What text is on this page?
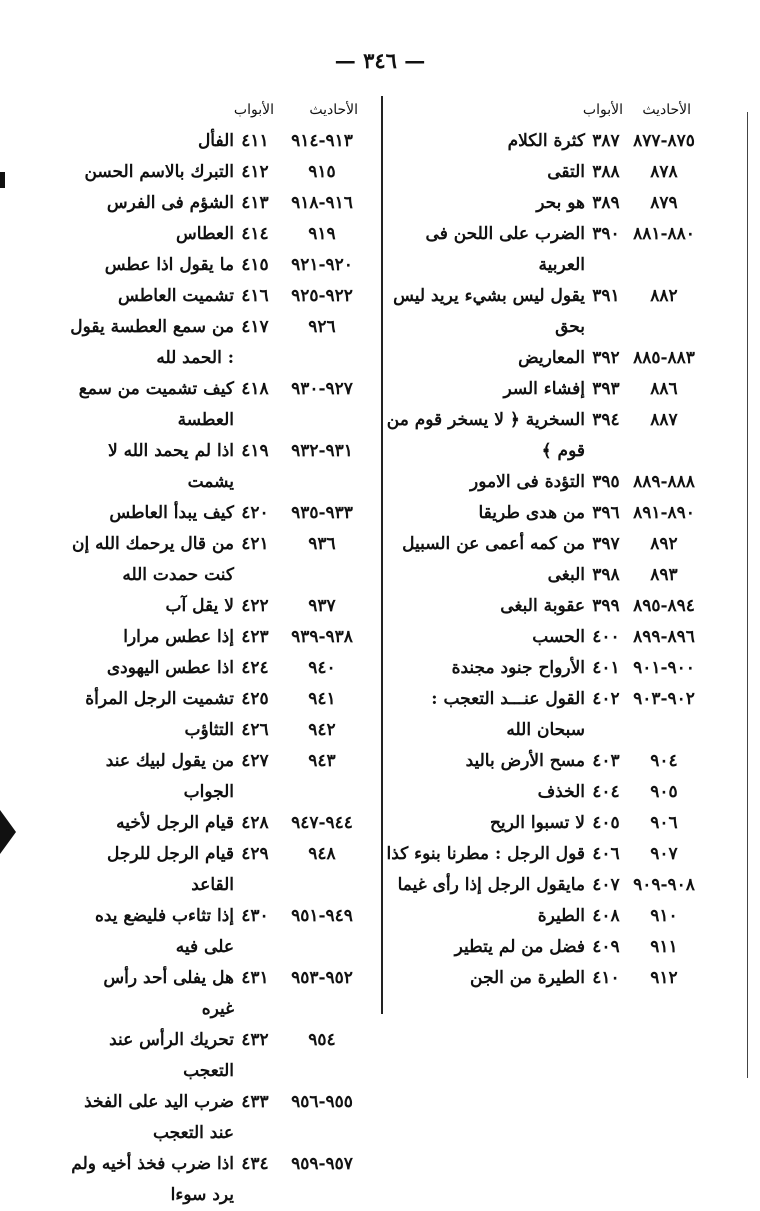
— ٣٤٦ —
الأحاديث
الأبواب
٨٧٥-٨٧٧
٣٨٧
كثرة الكلام
٨٧٨
٣٨٨
التقى
٨٧٩
٣٨٩
هو بحر
٨٨٠-٨٨١
٣٩٠
الضرب على اللحن فى العربية
٨٨٢
٣٩١
يقول ليس بشيء يريد ليس بحق
٨٨٣-٨٨٥
٣٩٢
المعاريض
٨٨٦
٣٩٣
إفشاء السر
٨٨٧
٣٩٤
السخرية ﴿ لا يسخر قوم من قوم ﴾
٨٨٨-٨٨٩
٣٩٥
التؤدة فى الامور
٨٩٠-٨٩١
٣٩٦
من هدى طريقا
٨٩٢
٣٩٧
من كمه أعمى عن السبيل
٨٩٣
٣٩٨
البغى
٨٩٤-٨٩٥
٣٩٩
عقوبة البغى
٨٩٦-٨٩٩
٤٠٠
الحسب
٩٠٠-٩٠١
٤٠١
الأرواح جنود مجندة
٩٠٢-٩٠٣
٤٠٢
القول عنـــد التعجب : سبحان الله
٩٠٤
٤٠٣
مسح الأرض باليد
٩٠٥
٤٠٤
الخذف
٩٠٦
٤٠٥
لا تسبوا الريح
٩٠٧
٤٠٦
قول الرجل : مطرنا بنوء كذا
٩٠٨-٩٠٩
٤٠٧
مايقول الرجل إذا رأى غيما
٩١٠
٤٠٨
الطيرة
٩١١
٤٠٩
فضل من لم يتطير
٩١٢
٤١٠
الطيرة من الجن
الأحاديث
الأبواب
٩١٣-٩١٤
٤١١
الفأل
٩١٥
٤١٢
التبرك بالاسم الحسن
٩١٦-٩١٨
٤١٣
الشؤم فى الفرس
٩١٩
٤١٤
العطاس
٩٢٠-٩٢١
٤١٥
ما يقول اذا عطس
٩٢٢-٩٢٥
٤١٦
تشميت العاطس
٩٢٦
٤١٧
من سمع العطسة يقول : الحمد لله
٩٢٧-٩٣٠
٤١٨
كيف تشميت من سمع العطسة
٩٣١-٩٣٢
٤١٩
اذا لم يحمد الله لا يشمت
٩٣٣-٩٣٥
٤٢٠
كيف يبدأ العاطس
٩٣٦
٤٢١
من قال يرحمك الله إن كنت حمدت الله
٩٣٧
٤٢٢
لا يقل آب
٩٣٨-٩٣٩
٤٢٣
إذا عطس مرارا
٩٤٠
٤٢٤
اذا عطس اليهودى
٩٤١
٤٢٥
تشميت الرجل المرأة
٩٤٢
٤٢٦
التثاؤب
٩٤٣
٤٢٧
من يقول لبيك عند الجواب
٩٤٤-٩٤٧
٤٢٨
قيام الرجل لأخيه
٩٤٨
٤٢٩
قيام الرجل للرجل القاعد
٩٤٩-٩٥١
٤٣٠
إذا تثاءب فليضع يده على فيه
٩٥٢-٩٥٣
٤٣١
هل يفلى أحد رأس غيره
٩٥٤
٤٣٢
تحريك الرأس عند التعجب
٩٥٥-٩٥٦
٤٣٣
ضرب اليد على الفخذ عند التعجب
٩٥٧-٩٥٩
٤٣٤
اذا ضرب فخذ أخيه ولم يرد سوءا
